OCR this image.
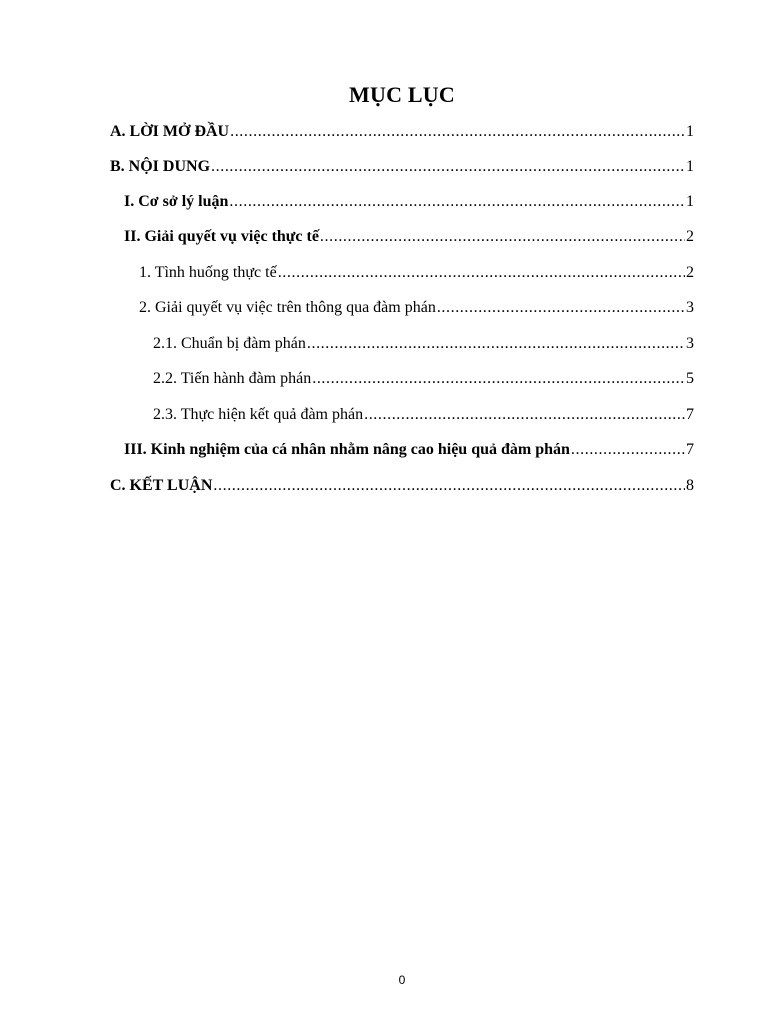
MỤC LỤC
A. LỜI MỞ ĐẦU .....	1
B. NỘI DUNG .....	1
I. Cơ sở lý luận .....	1
II. Giải quyết vụ việc thực tế .....	2
1. Tình huống thực tế .....	2
2. Giải quyết vụ việc trên thông qua đàm phán .....	3
2.1. Chuẩn bị đàm phán .....	3
2.2. Tiến hành đàm phán .....	5
2.3. Thực hiện kết quả đàm phán .....	7
III. Kinh nghiệm của cá nhân nhằm nâng cao hiệu quả đàm phán .....	7
C. KẾT LUẬN .....	8
0
